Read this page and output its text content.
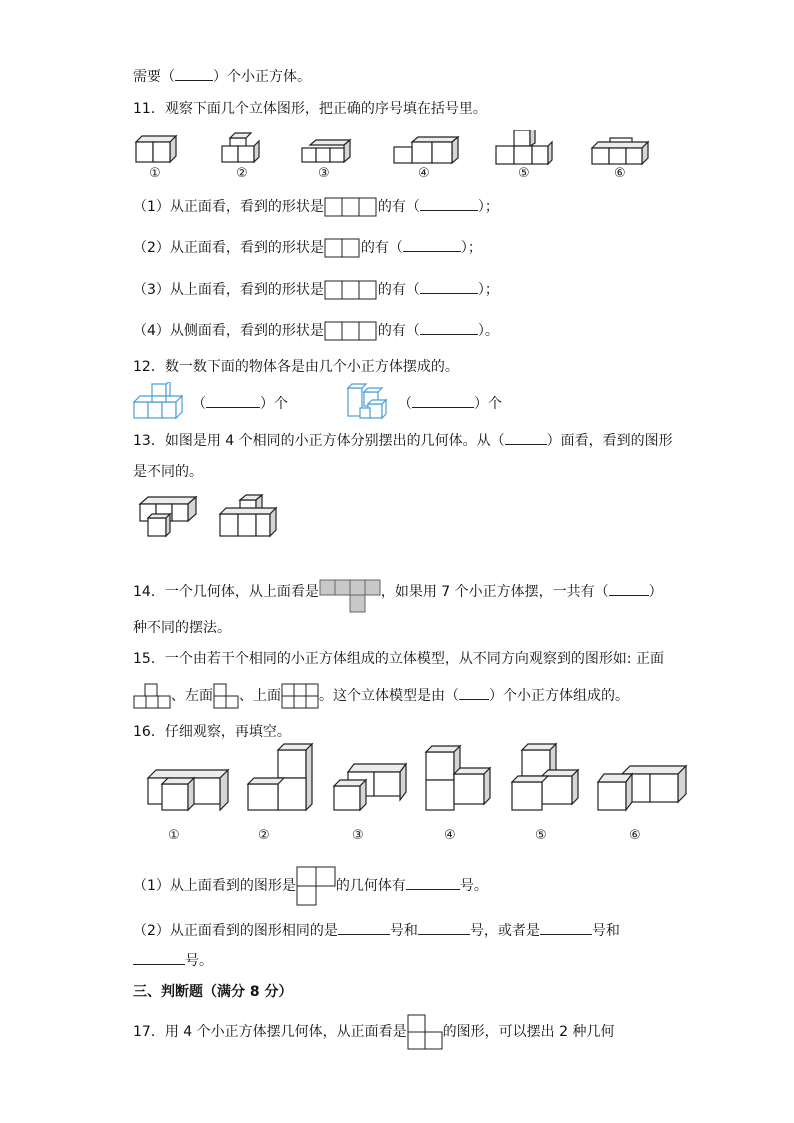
需要（	）个小正方体。
11．观察下面几个立体图形，把正确的序号填在括号里。
①	②	③	④	⑤	⑥
（1）从正面看，看到的形状是	的有（	）；
（2）从正面看，看到的形状是	的有（	）；
（3）从上面看，看到的形状是	的有（	）；
（4）从侧面看，看到的形状是	的有（	）。
12．数一数下面的物体各是由几个小正方体摆成的。
（	）个	（	）个
13．如图是用 4 个相同的小正方体分别摆出的几何体。从（	）面看，看到的图形
是不同的。
14．一个几何体，从上面看是	，如果用 7 个小正方体摆，一共有（	）
种不同的摆法。
15．一个由若干个相同的小正方体组成的立体模型，从不同方向观察到的图形如: 正面
、左面 、上面	。这个立体模型是由（ ）个小正方体组成的。
16．仔细观察，再填空。
①	②	③	④	⑤	⑥
（1）从上面看到的图形是	的几何体有	号。
（2）从正面看到的图形相同的是	号和	号，或者是	号和
号。
三、判断题（满分 8 分）
17．用 4 个小正方体摆几何体，从正面看是	的图形，可以摆出 2 种几何
